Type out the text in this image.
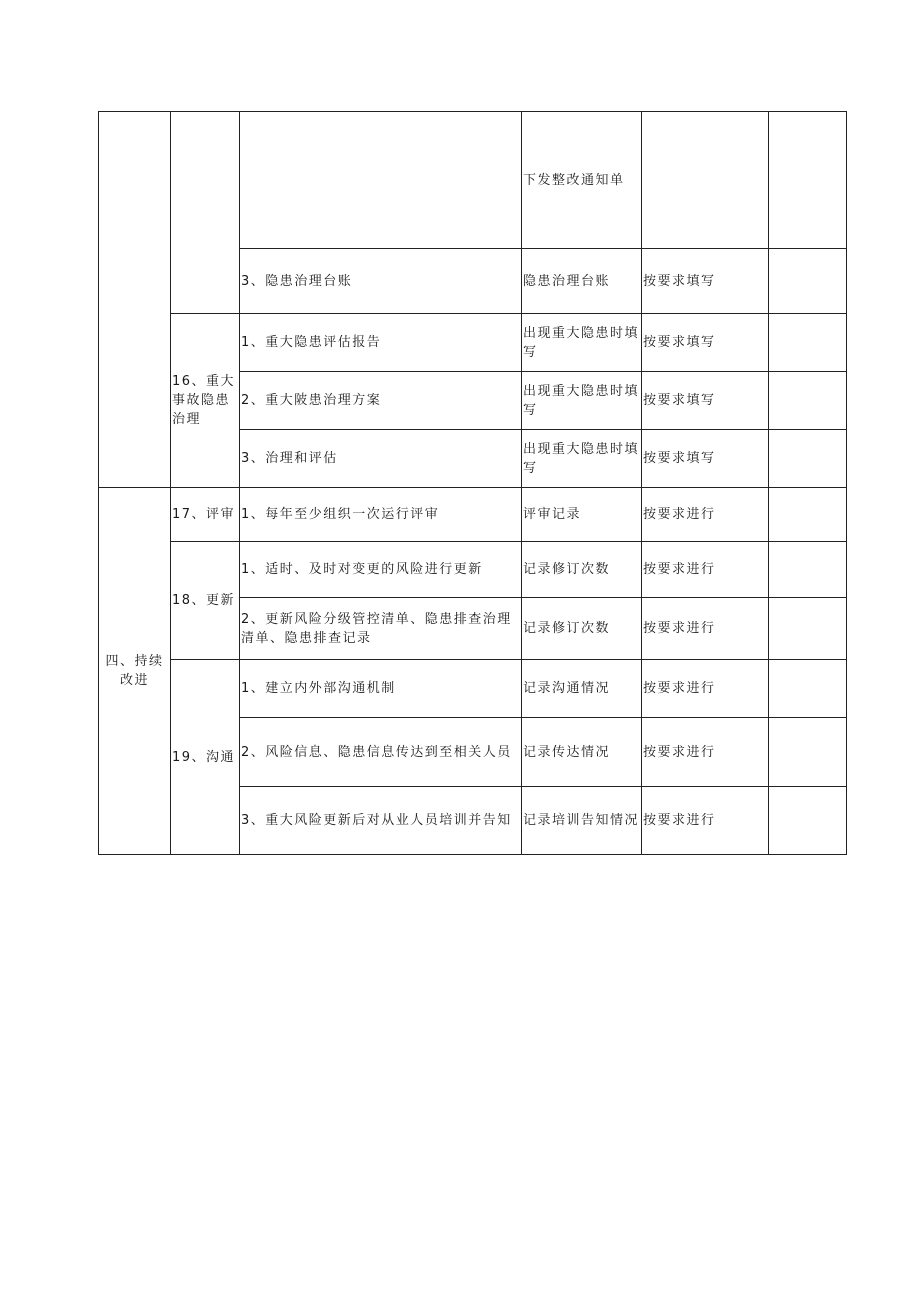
			下发整改通知单		
		3、隐患治理台账	隐患治理台账	按要求填写	
	16、重大事故隐患治理	1、重大隐患评估报告	出现重大隐患时填写	按要求填写	
		2、重大陂患治理方案	出现重大隐患时填写	按要求填写	
		3、治理和评估	出现重大隐患时填写	按要求填写	
四、持续改进	17、评审	1、每年至少组织一次运行评审	评审记录	按要求进行	
	18、更新	1、适时、及时对变更的风险进行更新	记录修订次数	按要求进行	
		2、更新风险分级管控清单、隐患排查治理清单、隐患排查记录	记录修订次数	按要求进行	
	19、沟通	1、建立内外部沟通机制	记录沟通情况	按要求进行	
		2、风险信息、隐患信息传达到至相关人员	记录传达情况	按要求进行	
		3、重大风险更新后对从业人员培训并告知	记录培训告知情况	按要求进行	
